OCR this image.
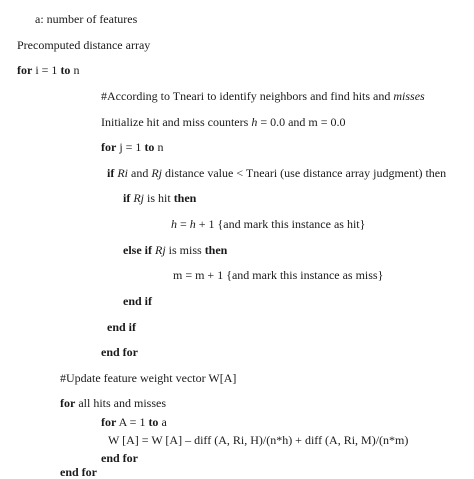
a: number of features
Precomputed distance array
for i = 1 to n
#According to Tneari to identify neighbors and find hits and misses
Initialize hit and miss counters h = 0.0 and m = 0.0
for j = 1 to n
if Ri and Rj distance value < Tneari (use distance array judgment) then
if Rj is hit then
h = h + 1 {and mark this instance as hit}
else if Rj is miss then
m = m + 1 {and mark this instance as miss}
end if
end if
end for
#Update feature weight vector W[A]
for all hits and misses
for A = 1 to a
W [A] = W [A] – diff (A, Ri, H)/(n*h) + diff (A, Ri, M)/(n*m)
end for
end for
